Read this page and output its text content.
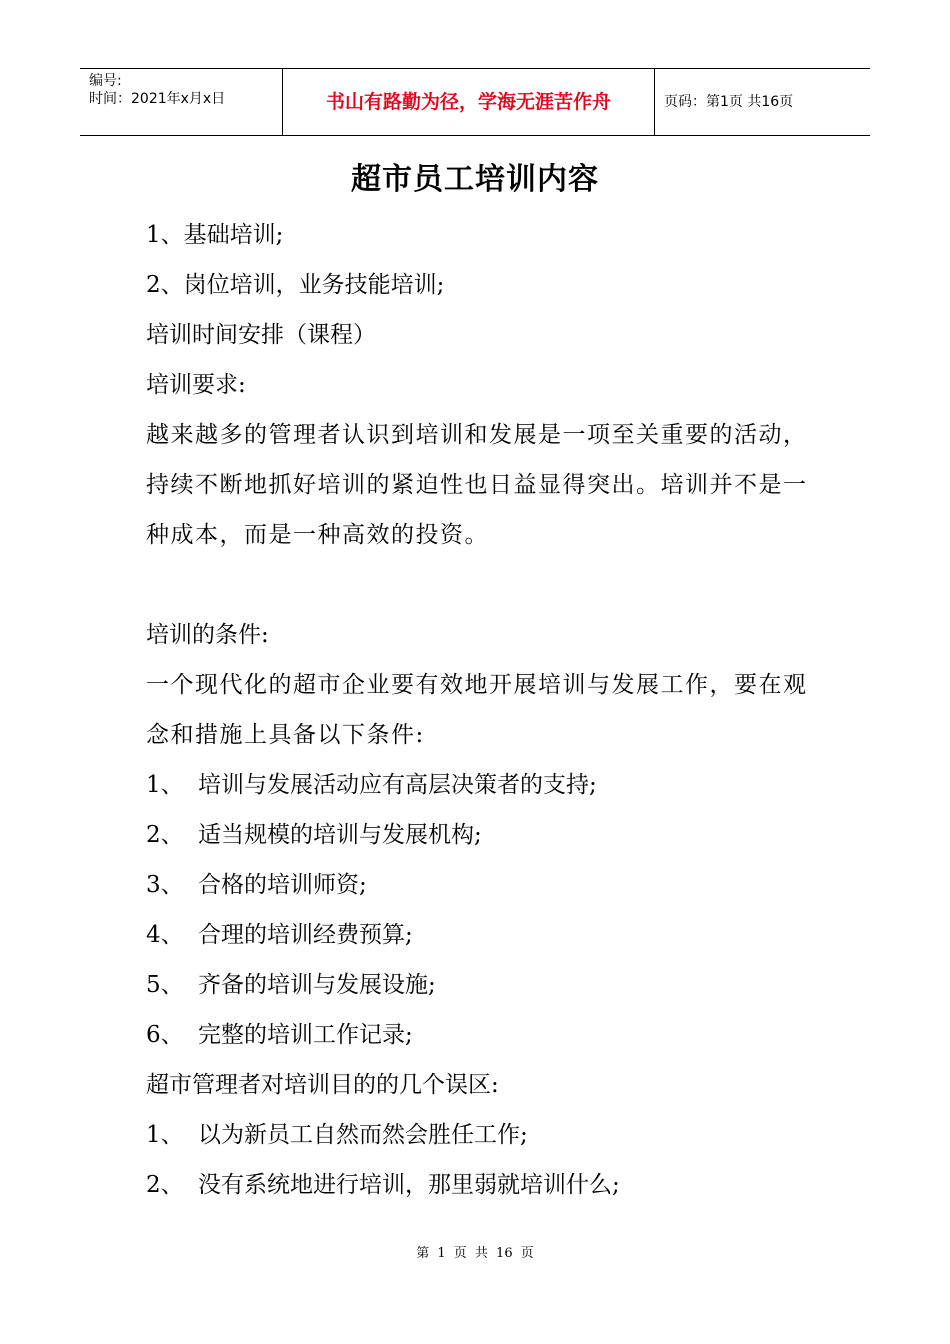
编号:
时间：2021年x月x日	书山有路勤为径，学海无涯苦作舟	页码：第1页 共16页
超市员工培训内容

1、基础培训;

2、岗位培训，业务技能培训;

培训时间安排（课程）

培训要求:

越来越多的管理者认识到培训和发展是一项至关重要的活动，持续不断地抓好培训的紧迫性也日益显得突出。培训并不是一种成本，而是一种高效的投资。

培训的条件:

一个现代化的超市企业要有效地开展培训与发展工作，要在观念和措施上具备以下条件:

1、 培训与发展活动应有高层决策者的支持;

2、 适当规模的培训与发展机构;

3、 合格的培训师资;

4、 合理的培训经费预算;

5、 齐备的培训与发展设施;

6、 完整的培训工作记录;

超市管理者对培训目的的几个误区:

1、 以为新员工自然而然会胜任工作;

2、 没有系统地进行培训，那里弱就培训什么;

第 1 页 共 16 页
